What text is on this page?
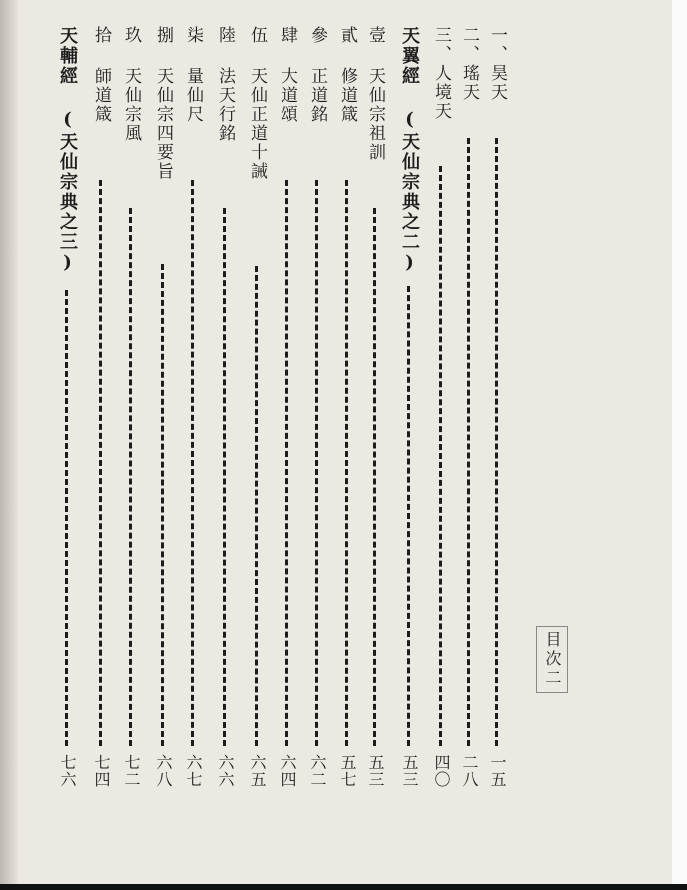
一、昊天
一五
二、瑤天
二八
三、人境天
四〇
天翼經 (天仙宗典之二)
五三
壹 天仙宗祖訓
五三
貳 修道箴
五七
參 正道銘
六二
肆 大道頌
六四
伍 天仙正道十誡
六五
陸 法天行銘
六六
柒 量仙尺
六七
捌 天仙宗四要旨
六八
玖 天仙宗風
七二
拾 師道箴
七四
天輔經 (天仙宗典之三)
七六
目次二
